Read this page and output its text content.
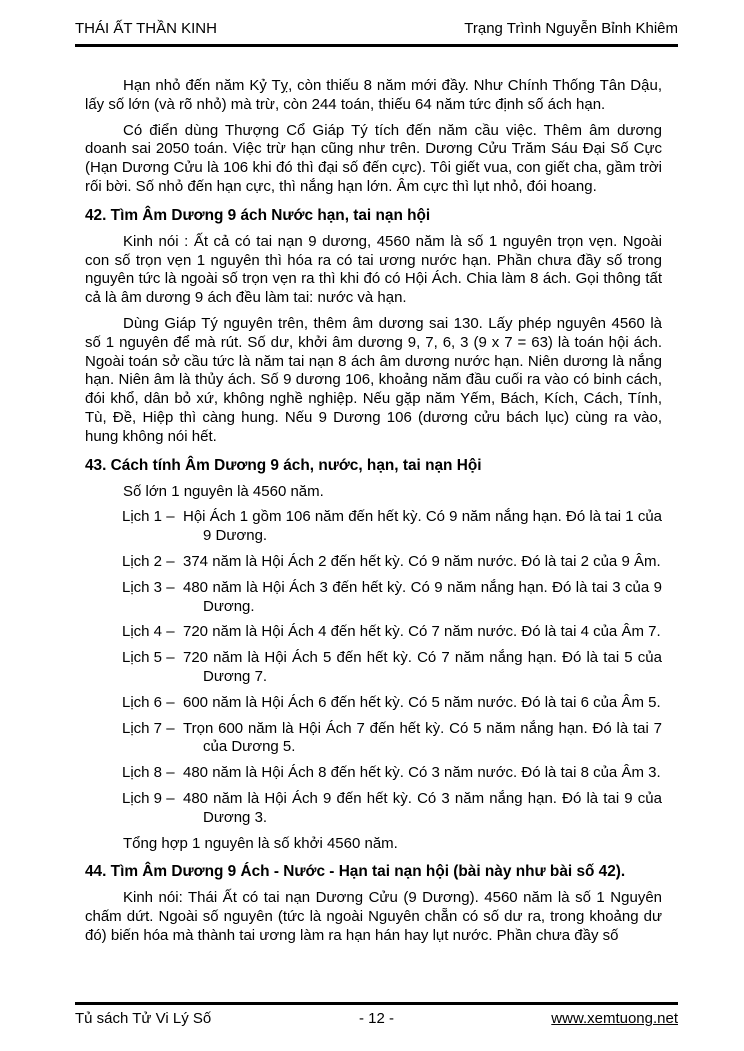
THÁI ẤT THẦN KINH	Trạng Trình Nguyễn Bỉnh Khiêm

Hạn nhỏ đến năm Kỷ Tỵ, còn thiếu 8 năm mới đầy. Như Chính Thống Tân Dậu, lấy số lớn (và rõ nhỏ) mà trừ, còn 244 toán, thiếu 64 năm tức định số ách hạn.

Có điển dùng Thượng Cổ Giáp Tý tích đến năm cầu việc. Thêm âm dương doanh sai 2050 toán. Việc trừ hạn cũng như trên. Dương Cửu Trăm Sáu Đại Số Cực (Hạn Dương Cửu là 106 khi đó thì đại số đến cực). Tôi giết vua, con giết cha, gầm trời rối bời. Số nhỏ đến hạn cực, thì nắng hạn lớn. Âm cực thì lụt nhỏ, đói hoang.

42. Tìm Âm Dương 9 ách Nước hạn, tai nạn hội

Kinh nói : Ất cả có tai nạn 9 dương, 4560 năm là số 1 nguyên trọn vẹn. Ngoài con số trọn vẹn 1 nguyên thì hóa ra có tai ương nước hạn. Phần chưa đầy số trong nguyên tức là ngoài số trọn vẹn ra thì khi đó có Hội Ách. Chia làm 8 ách. Gọi thông tất cả là âm dương 9 ách đều làm tai: nước và hạn.

Dùng Giáp Tý nguyên trên, thêm âm dương sai 130. Lấy phép nguyên 4560 là số 1 nguyên để mà rút. Số dư, khởi âm dương 9, 7, 6, 3 (9 x 7 = 63) là toán hội ách. Ngoài toán sở cầu tức là năm tai nạn 8 ách âm dương nước hạn. Niên dương là nắng hạn. Niên âm là thủy ách. Số 9 dương 106, khoảng năm đầu cuối ra vào có binh cách, đói khổ, dân bỏ xứ, không nghề nghiệp. Nếu gặp năm Yếm, Bách, Kích, Cách, Tính, Tù, Đề, Hiệp thì càng hung. Nếu 9 Dương 106 (dương cửu bách lục) cùng ra vào, hung không nói hết.

43. Cách tính Âm Dương 9 ách, nước, hạn, tai nạn Hội

Số lớn 1 nguyên là 4560 năm.

Lịch 1 – Hội Ách 1 gồm 106 năm đến hết kỳ. Có 9 năm nắng hạn. Đó là tai 1 của 9 Dương.
Lịch 2 – 374 năm là Hội Ách 2 đến hết kỳ. Có 9 năm nước. Đó là tai 2 của 9 Âm.
Lịch 3 – 480 năm là Hội Ách 3 đến hết kỳ. Có 9 năm nắng hạn. Đó là tai 3 của 9 Dương.
Lịch 4 – 720 năm là Hội Ách 4 đến hết kỳ. Có 7 năm nước. Đó là tai 4 của Âm 7.
Lịch 5 – 720 năm là Hội Ách 5 đến hết kỳ. Có 7 năm nắng hạn. Đó là tai 5 của Dương 7.
Lịch 6 – 600 năm là Hội Ách 6 đến hết kỳ. Có 5 năm nước. Đó là tai 6 của Âm 5.
Lịch 7 – Trọn 600 năm là Hội Ách 7 đến hết kỳ. Có 5 năm nắng hạn. Đó là tai 7 của Dương 5.
Lịch 8 – 480 năm là Hội Ách 8 đến hết kỳ. Có 3 năm nước. Đó là tai 8 của Âm 3.
Lịch 9 – 480 năm là Hội Ách 9 đến hết kỳ. Có 3 năm nắng hạn. Đó là tai 9 của Dương 3.

Tổng hợp 1 nguyên là số khởi 4560 năm.

44. Tìm Âm Dương 9 Ách - Nước - Hạn tai nạn hội (bài này như bài số 42).

Kinh nói: Thái Ất có tai nạn Dương Cửu (9 Dương). 4560 năm là số 1 Nguyên chấm dứt. Ngoài số nguyên (tức là ngoài Nguyên chẵn có số dư ra, trong khoảng dư đó) biến hóa mà thành tai ương làm ra hạn hán hay lụt nước. Phần chưa đầy số

Tủ sách Tử Vi Lý Số	- 12 -	www.xemtuong.net
